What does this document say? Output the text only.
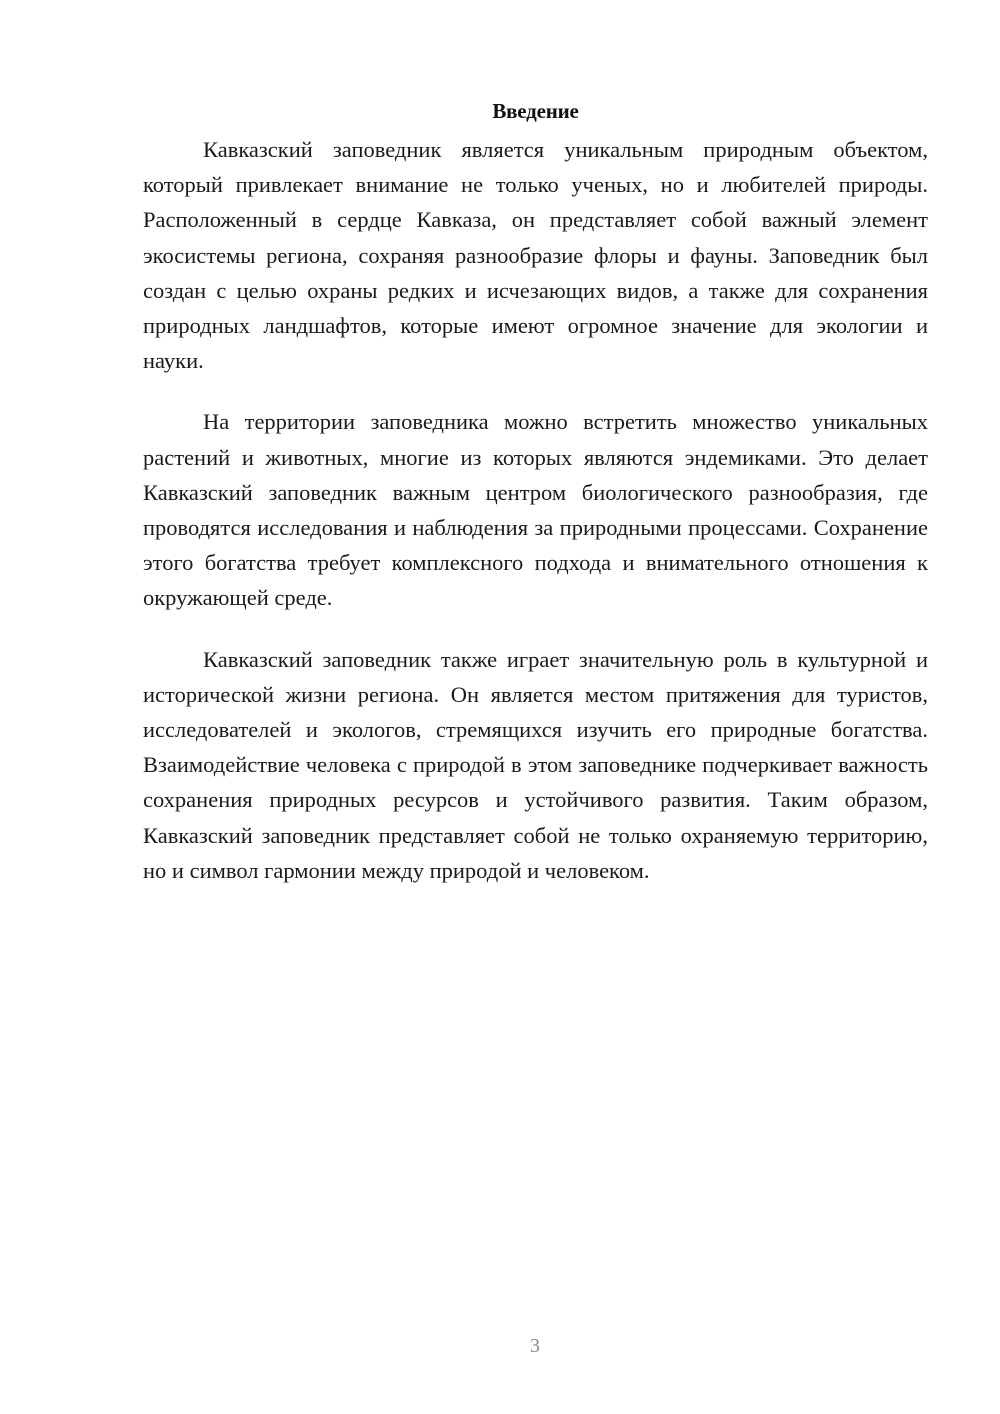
Введение

Кавказский заповедник является уникальным природным объектом, который привлекает внимание не только ученых, но и любителей природы. Расположенный в сердце Кавказа, он представляет собой важный элемент экосистемы региона, сохраняя разнообразие флоры и фауны. Заповедник был создан с целью охраны редких и исчезающих видов, а также для сохранения природных ландшафтов, которые имеют огромное значение для экологии и науки.

На территории заповедника можно встретить множество уникальных растений и животных, многие из которых являются эндемиками. Это делает Кавказский заповедник важным центром биологического разнообразия, где проводятся исследования и наблюдения за природными процессами. Сохранение этого богатства требует комплексного подхода и внимательного отношения к окружающей среде.

Кавказский заповедник также играет значительную роль в культурной и исторической жизни региона. Он является местом притяжения для туристов, исследователей и экологов, стремящихся изучить его природные богатства. Взаимодействие человека с природой в этом заповеднике подчеркивает важность сохранения природных ресурсов и устойчивого развития. Таким образом, Кавказский заповедник представляет собой не только охраняемую территорию, но и символ гармонии между природой и человеком.

3
